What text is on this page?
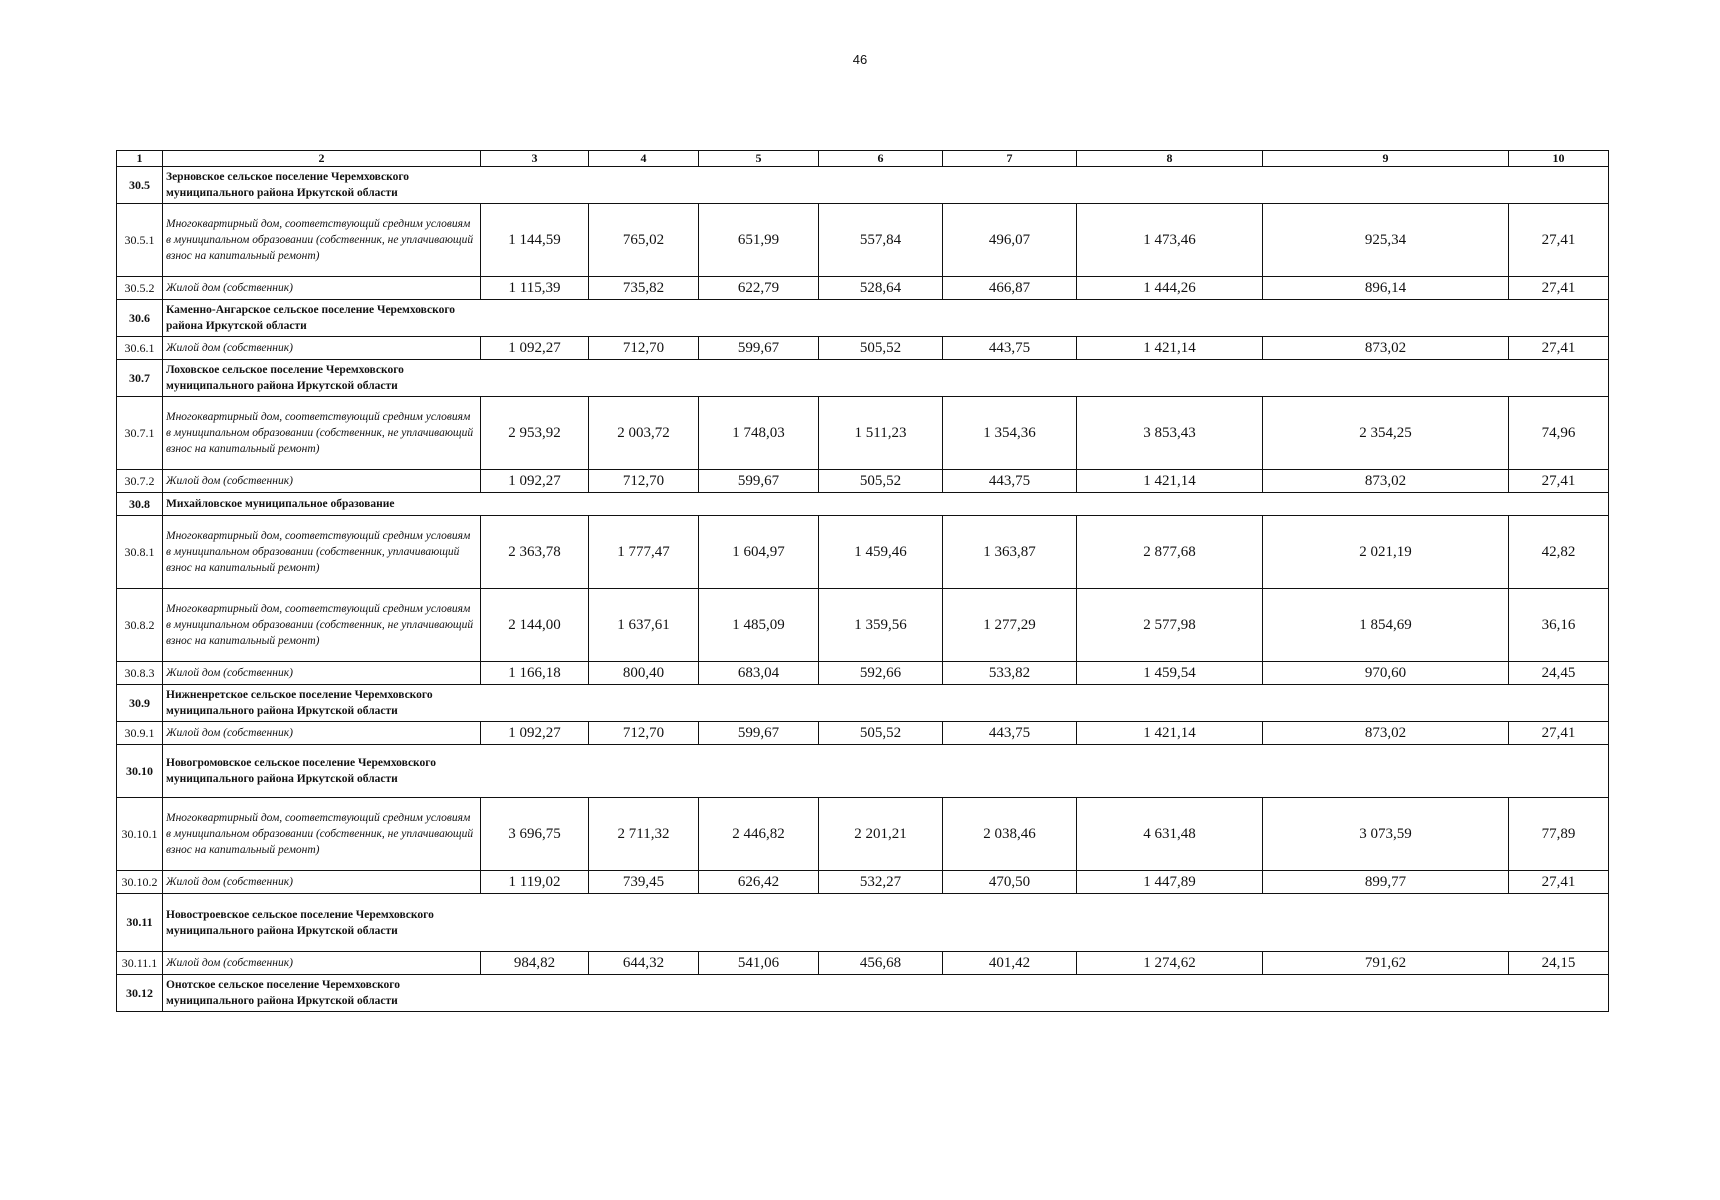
46
1	2	3	4	5	6	7	8	9	10
30.5	Зерновское сельское поселение Черемховского муниципального района Иркутской области								

30.5.1	Многоквартирный дом, соответствующий средним условиям в муниципальном образовании (собственник, не уплачивающий взнос на капитальный ремонт)	1 144,59	765,02	651,99	557,84	496,07	1 473,46	925,34	27,41
30.5.2	Жилой дом (собственник)	1 115,39	735,82	622,79	528,64	466,87	1 444,26	896,14	27,41
30.6	Каменно-Ангарское сельское поселение Черемховского района Иркутской области								

30.6.1	Жилой дом (собственник)	1 092,27	712,70	599,67	505,52	443,75	1 421,14	873,02	27,41
30.7	Лоховское сельское поселение Черемховского муниципального района Иркутской области								

30.7.1	Многоквартирный дом, соответствующий средним условиям в муниципальном образовании (собственник, не уплачивающий взнос на капитальный ремонт)	2 953,92	2 003,72	1 748,03	1 511,23	1 354,36	3 853,43	2 354,25	74,96
30.7.2	Жилой дом (собственник)	1 092,27	712,70	599,67	505,52	443,75	1 421,14	873,02	27,41
30.8	Михайловское муниципальное образование								

30.8.1	Многоквартирный дом, соответствующий средним условиям в муниципальном образовании (собственник, уплачивающий взнос на капитальный ремонт)	2 363,78	1 777,47	1 604,97	1 459,46	1 363,87	2 877,68	2 021,19	42,82
30.8.2	Многоквартирный дом, соответствующий средним условиям в муниципальном образовании (собственник, не уплачивающий взнос на капитальный ремонт)	2 144,00	1 637,61	1 485,09	1 359,56	1 277,29	2 577,98	1 854,69	36,16
30.8.3	Жилой дом (собственник)	1 166,18	800,40	683,04	592,66	533,82	1 459,54	970,60	24,45
30.9	Нижненретское сельское поселение Черемховского муниципального района Иркутской области								

30.9.1	Жилой дом (собственник)	1 092,27	712,70	599,67	505,52	443,75	1 421,14	873,02	27,41
30.10	Новогромовское сельское поселение Черемховского муниципального района Иркутской области								

30.10.1	Многоквартирный дом, соответствующий средним условиям в муниципальном образовании (собственник, не уплачивающий взнос на капитальный ремонт)	3 696,75	2 711,32	2 446,82	2 201,21	2 038,46	4 631,48	3 073,59	77,89
30.10.2	Жилой дом (собственник)	1 119,02	739,45	626,42	532,27	470,50	1 447,89	899,77	27,41
30.11	Новостроевское сельское поселение Черемховского муниципального района Иркутской области								

30.11.1	Жилой дом (собственник)	984,82	644,32	541,06	456,68	401,42	1 274,62	791,62	24,15
30.12	Онотское сельское поселение Черемховского муниципального района Иркутской области								
